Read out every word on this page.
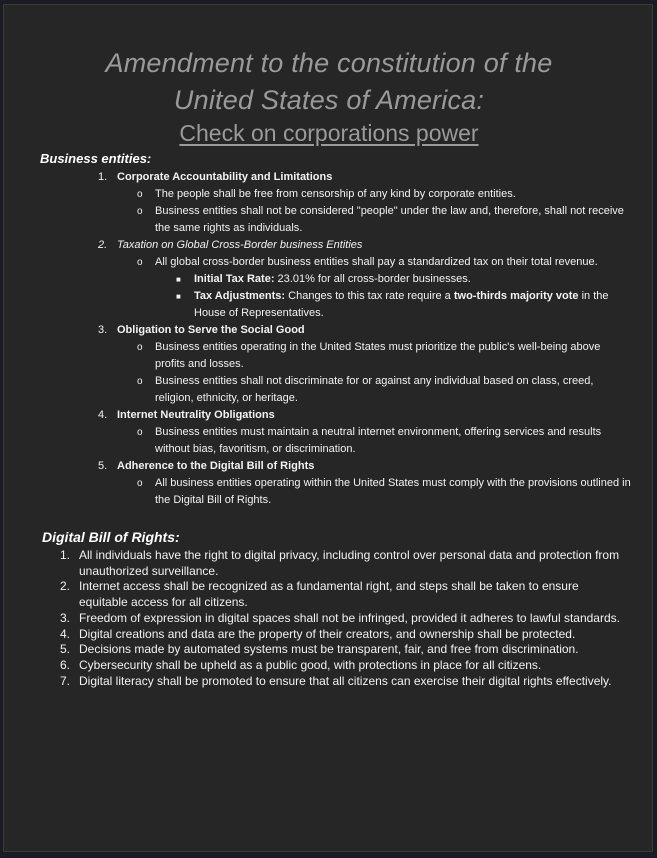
Amendment to the constitution of the
United States of America:
Check on corporations power
Business entities:
1. Corporate Accountability and Limitations
o The people shall be free from censorship of any kind by corporate entities.
o Business entities shall not be considered "people" under the law and, therefore, shall not receive the same rights as individuals.
2. Taxation on Global Cross-Border business Entities
o All global cross-border business entities shall pay a standardized tax on their total revenue.
■ Initial Tax Rate: 23.01% for all cross-border businesses.
■ Tax Adjustments: Changes to this tax rate require a two-thirds majority vote in the House of Representatives.
3. Obligation to Serve the Social Good
o Business entities operating in the United States must prioritize the public's well-being above profits and losses.
o Business entities shall not discriminate for or against any individual based on class, creed, religion, ethnicity, or heritage.
4. Internet Neutrality Obligations
o Business entities must maintain a neutral internet environment, offering services and results without bias, favoritism, or discrimination.
5. Adherence to the Digital Bill of Rights
o All business entities operating within the United States must comply with the provisions outlined in the Digital Bill of Rights.
Digital Bill of Rights:
1. All individuals have the right to digital privacy, including control over personal data and protection from unauthorized surveillance.
2. Internet access shall be recognized as a fundamental right, and steps shall be taken to ensure equitable access for all citizens.
3. Freedom of expression in digital spaces shall not be infringed, provided it adheres to lawful standards.
4. Digital creations and data are the property of their creators, and ownership shall be protected.
5. Decisions made by automated systems must be transparent, fair, and free from discrimination.
6. Cybersecurity shall be upheld as a public good, with protections in place for all citizens.
7. Digital literacy shall be promoted to ensure that all citizens can exercise their digital rights effectively.
